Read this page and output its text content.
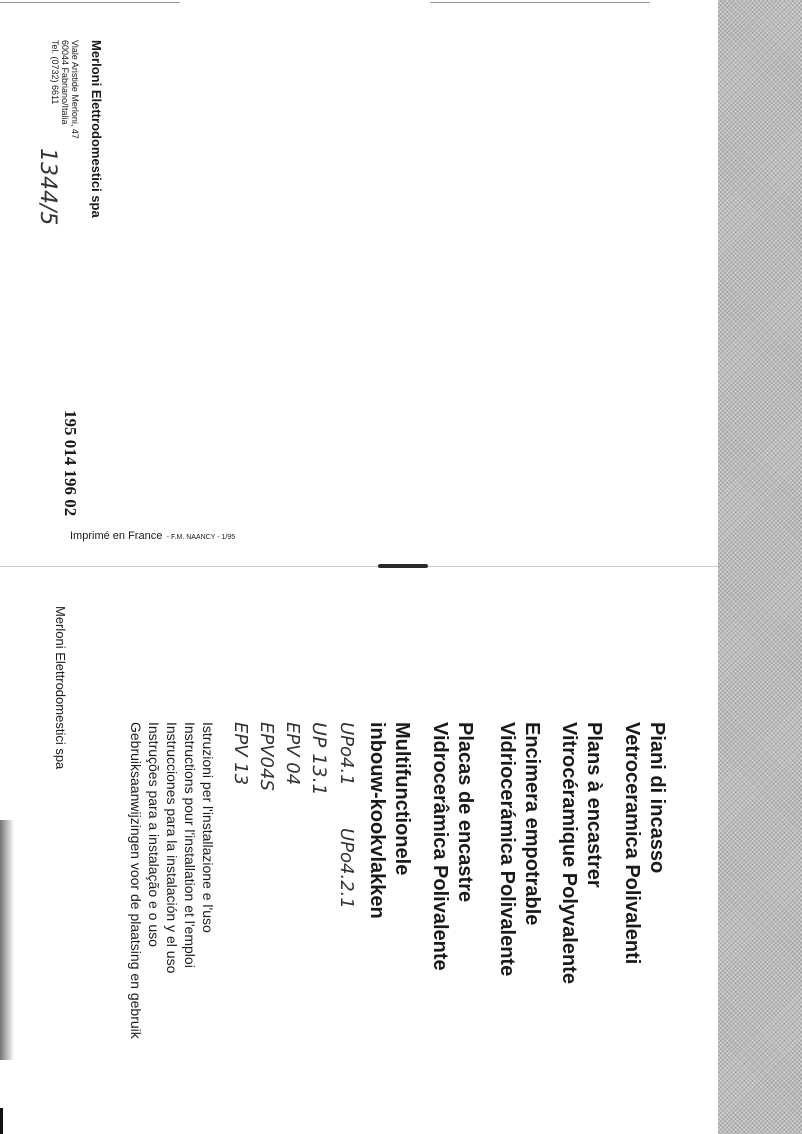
Piani di incasso
Vetroceramica Polivalenti
Plans à encastrer
Vitrocéramique Polyvalente
Encimera empotrable
Vidriocerámica Polivalente
Placas de encastre
Vidrocerâmica Polivalente
Multifunctionele
inbouw-kookvlakken
UPo4.1
UPo4.2.1
UP 13.1
EPV 04
EPV04S
EPV 13
Istruzioni per l'installazione e l'uso
Instructions pour l'installation et l'emploi
Instrucciones para la instalación y el uso
Instruções para a instalação e o uso
Gebruiksaanwijzingen voor de plaatsing en gebruik
Merloni Elettrodomestici spa
Merloni Elettrodomestici spa
Viale Aristide Merloni, 47
60044 Fabriano/Italia
Tel. (0732) 6611
1344/5
195 014 196 02
Imprimé en France - F.M. NAANCY - 1/95
